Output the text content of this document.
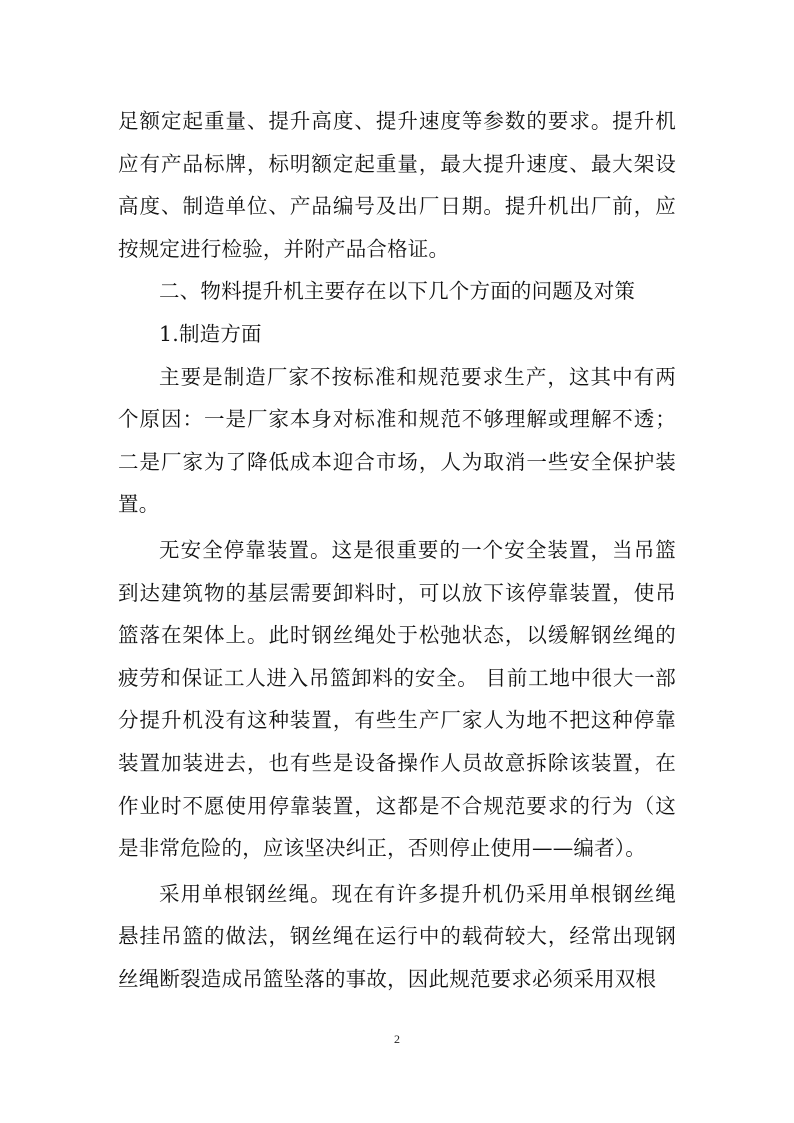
足额定起重量、提升高度、提升速度等参数的要求。提升机应有产品标牌，标明额定起重量，最大提升速度、最大架设高度、制造单位、产品编号及出厂日期。提升机出厂前，应按规定进行检验，并附产品合格证。

二、物料提升机主要存在以下几个方面的问题及对策

1.制造方面

主要是制造厂家不按标准和规范要求生产，这其中有两个原因：一是厂家本身对标准和规范不够理解或理解不透；二是厂家为了降低成本迎合市场，人为取消一些安全保护装置。

无安全停靠装置。这是很重要的一个安全装置，当吊篮到达建筑物的基层需要卸料时，可以放下该停靠装置，使吊篮落在架体上。此时钢丝绳处于松弛状态，以缓解钢丝绳的疲劳和保证工人进入吊篮卸料的安全。 目前工地中很大一部分提升机没有这种装置，有些生产厂家人为地不把这种停靠装置加装进去，也有些是设备操作人员故意拆除该装置，在作业时不愿使用停靠装置，这都是不合规范要求的行为（这是非常危险的，应该坚决纠正，否则停止使用——编者）。

采用单根钢丝绳。现在有许多提升机仍采用单根钢丝绳悬挂吊篮的做法，钢丝绳在运行中的载荷较大，经常出现钢丝绳断裂造成吊篮坠落的事故，因此规范要求必须采用双根

2
